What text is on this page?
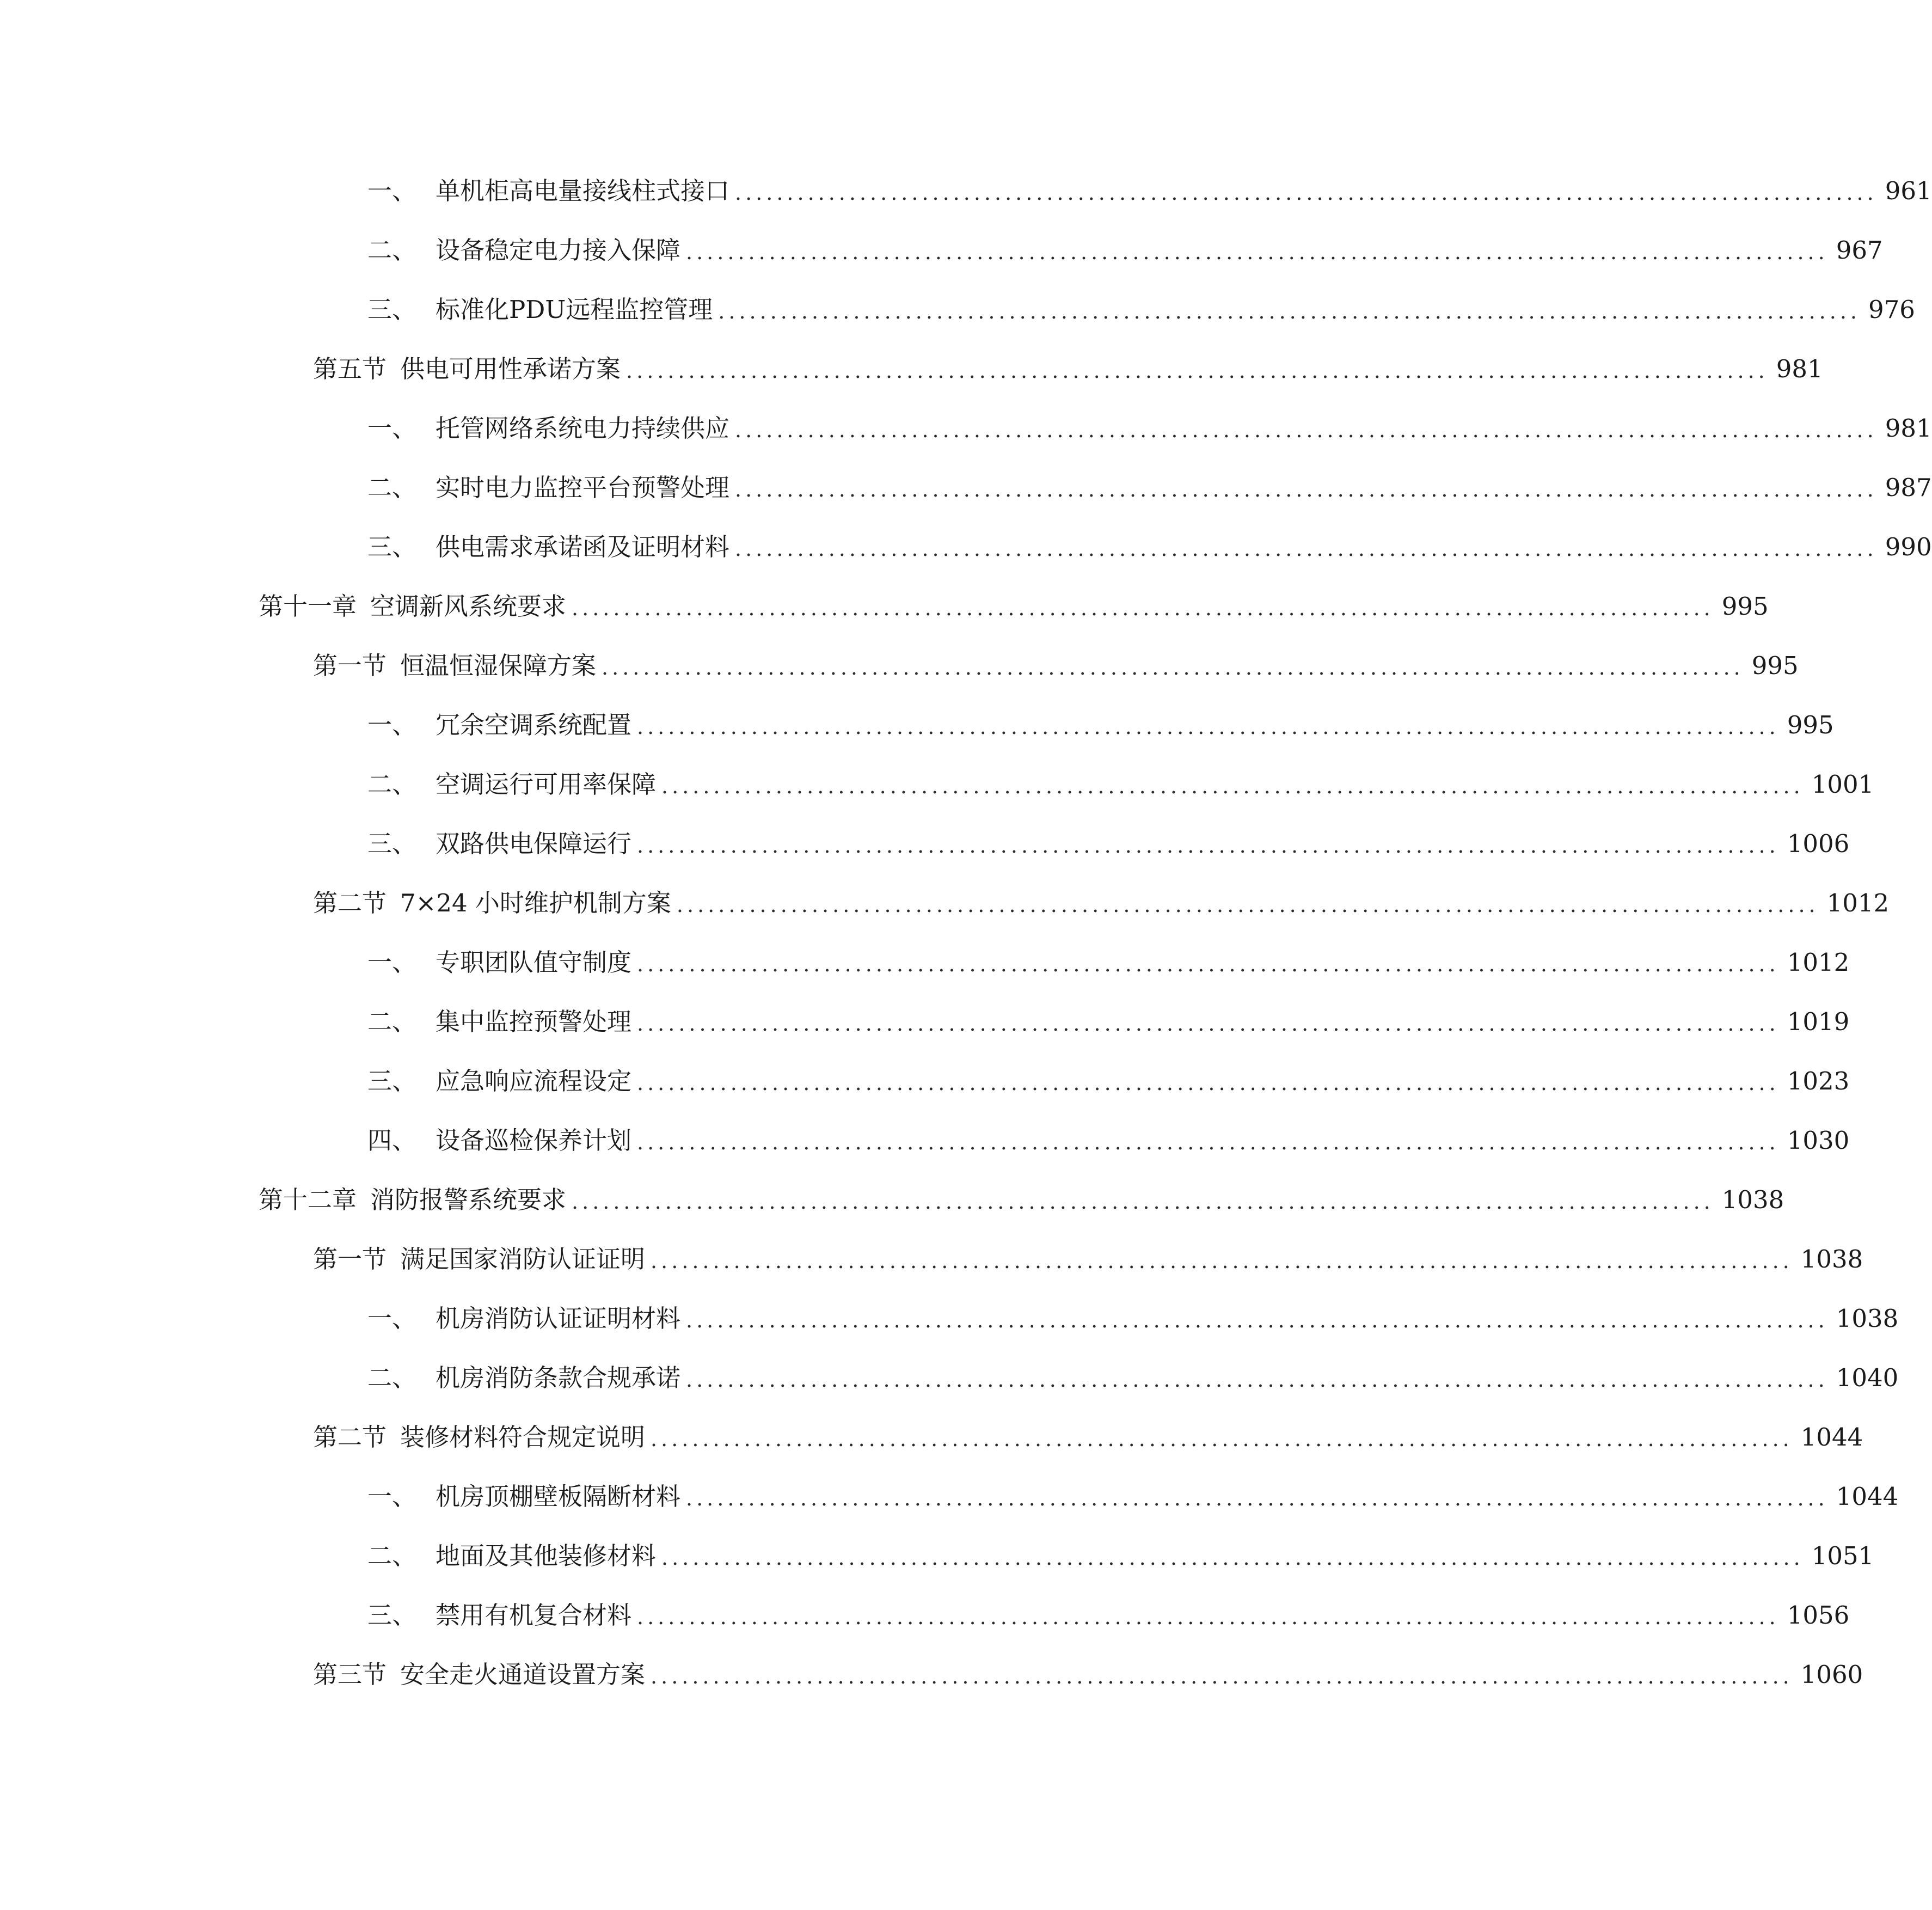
一、 单机柜高电量接线柱式接口 .............................................................................................................. 961
二、 设备稳定电力接入保障 .............................................................................................................. 967
三、 标准化PDU远程监控管理 .............................................................................................................. 976
第五节 供电可用性承诺方案 .............................................................................................................. 981
一、 托管网络系统电力持续供应 .............................................................................................................. 981
二、 实时电力监控平台预警处理 .............................................................................................................. 987
三、 供电需求承诺函及证明材料 .............................................................................................................. 990
第十一章 空调新风系统要求 .............................................................................................................. 995
第一节 恒温恒湿保障方案 .............................................................................................................. 995
一、 冗余空调系统配置 .............................................................................................................. 995
二、 空调运行可用率保障 .............................................................................................................. 1001
三、 双路供电保障运行 .............................................................................................................. 1006
第二节 7×24 小时维护机制方案 .............................................................................................................. 1012
一、 专职团队值守制度 .............................................................................................................. 1012
二、 集中监控预警处理 .............................................................................................................. 1019
三、 应急响应流程设定 .............................................................................................................. 1023
四、 设备巡检保养计划 .............................................................................................................. 1030
第十二章 消防报警系统要求 .............................................................................................................. 1038
第一节 满足国家消防认证证明 .............................................................................................................. 1038
一、 机房消防认证证明材料 .............................................................................................................. 1038
二、 机房消防条款合规承诺 .............................................................................................................. 1040
第二节 装修材料符合规定说明 .............................................................................................................. 1044
一、 机房顶棚壁板隔断材料 .............................................................................................................. 1044
二、 地面及其他装修材料 .............................................................................................................. 1051
三、 禁用有机复合材料 .............................................................................................................. 1056
第三节 安全走火通道设置方案 .............................................................................................................. 1060
